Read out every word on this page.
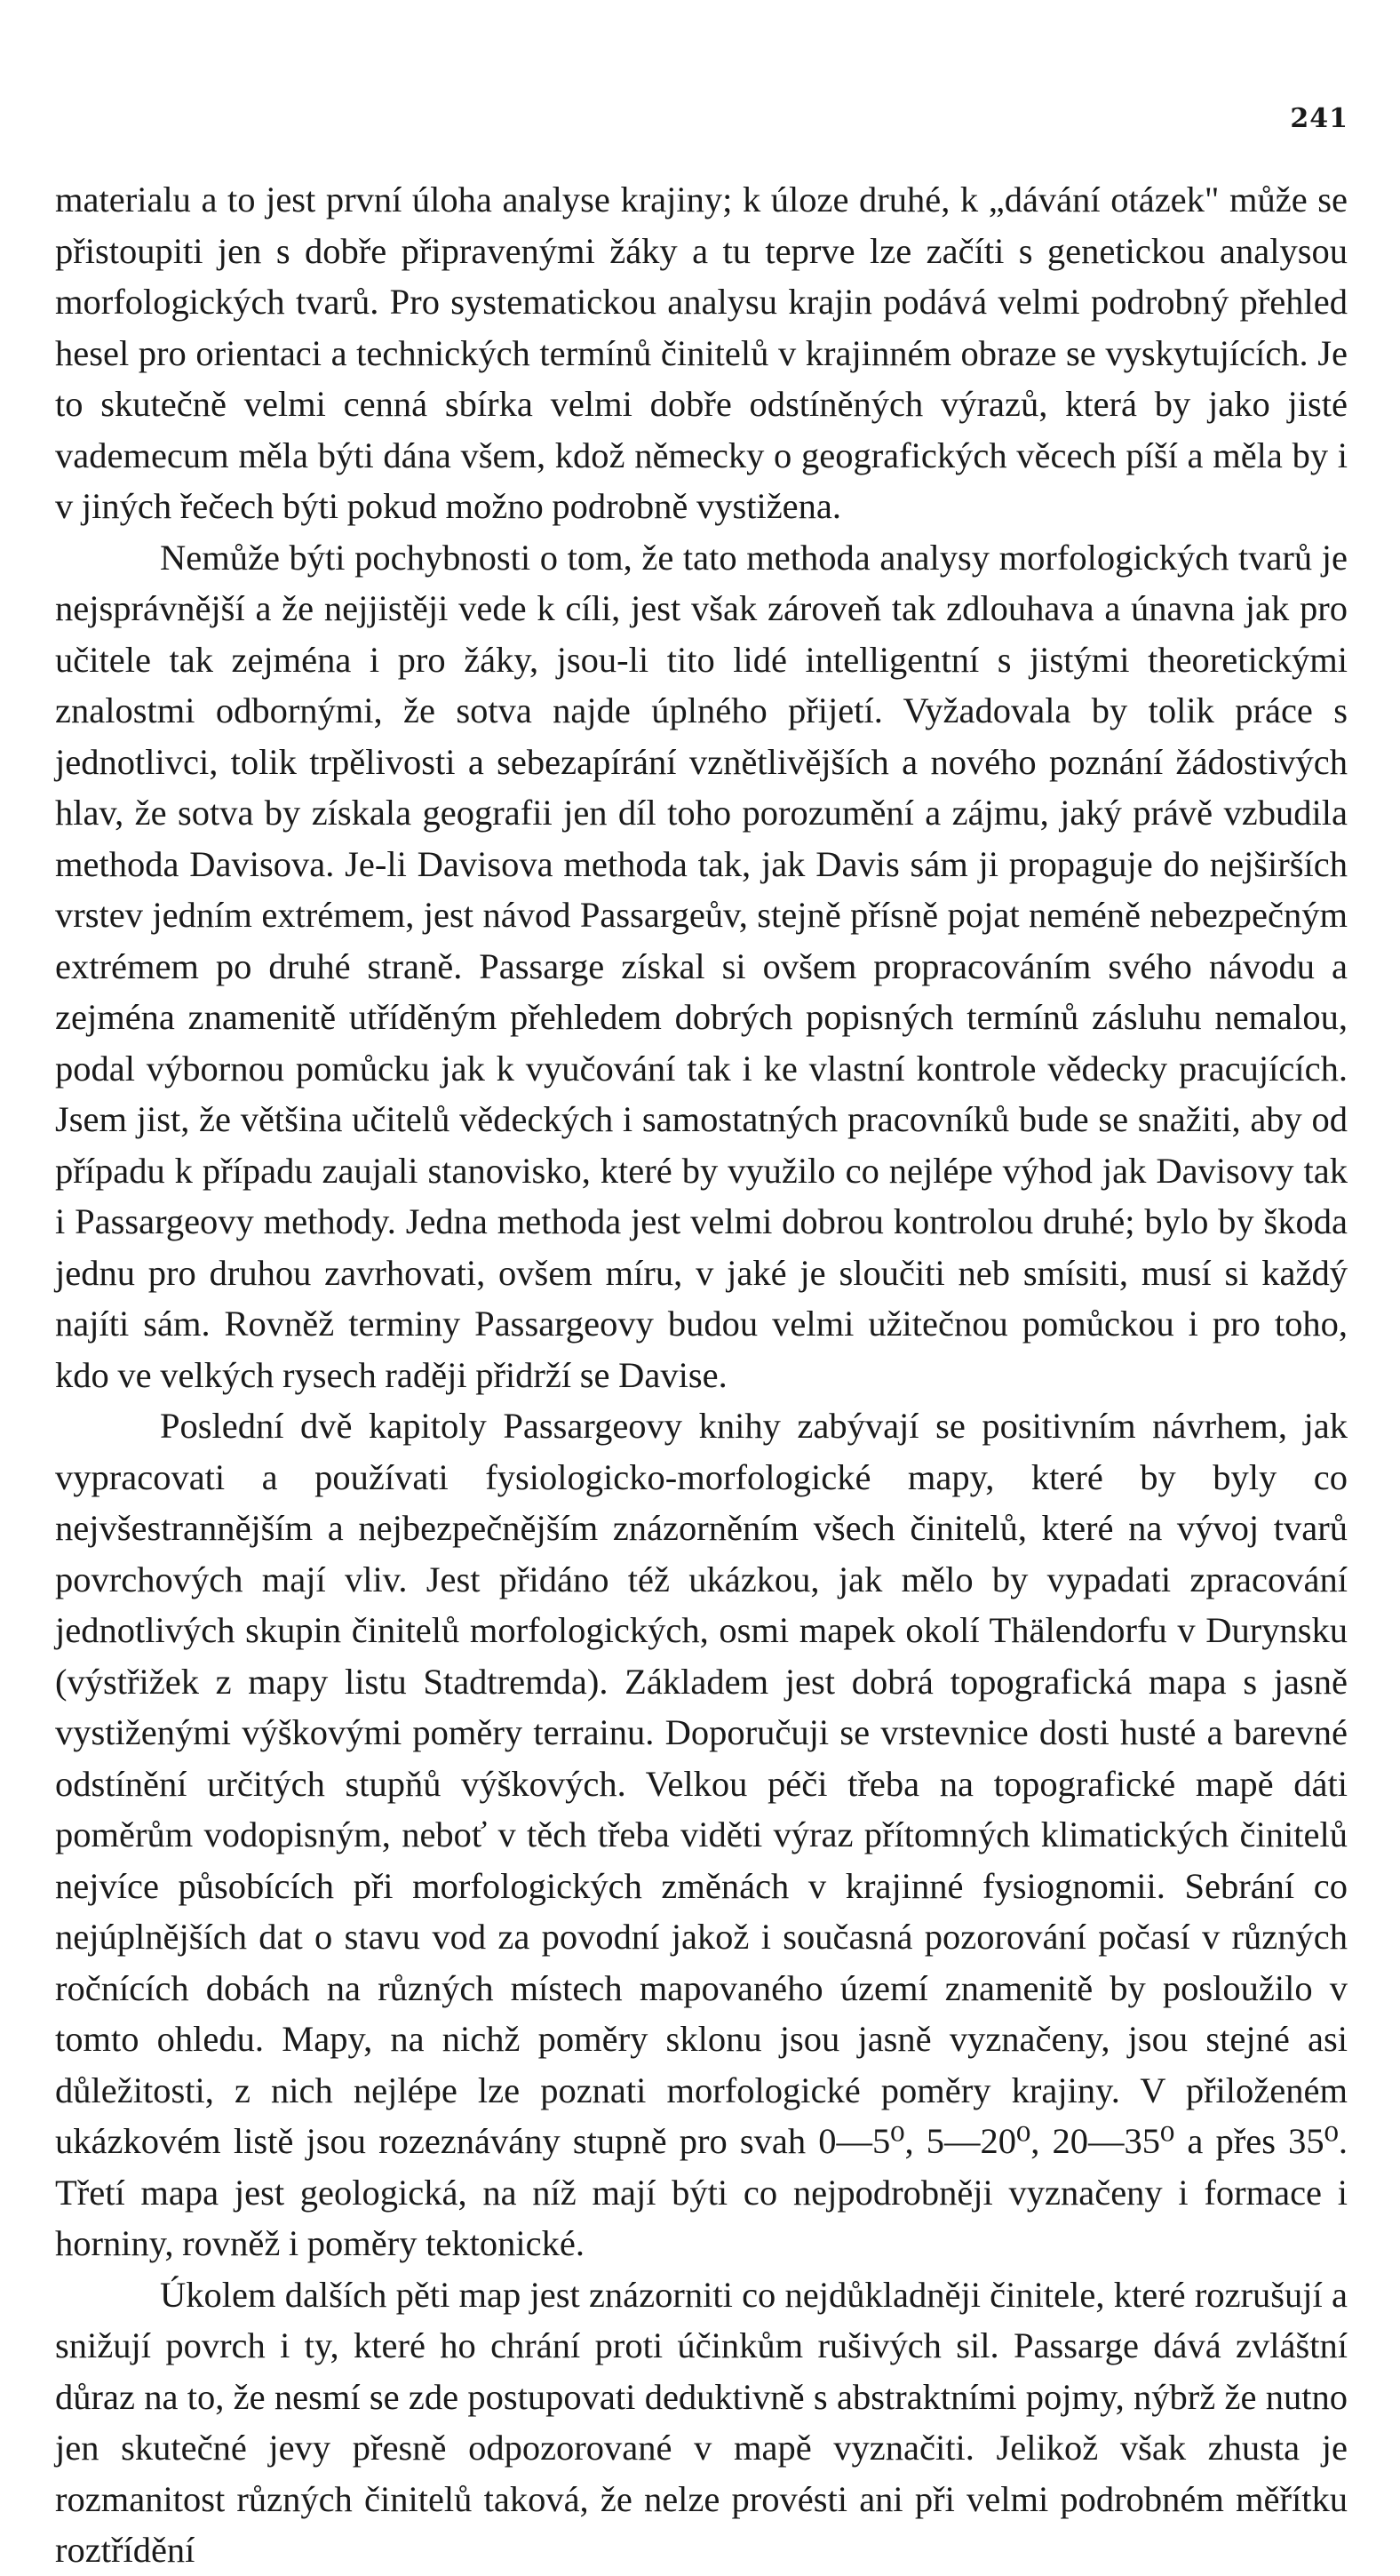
241

materialu a to jest první úloha analyse krajiny; k úloze druhé, k „dávání otázek" může se přistoupiti jen s dobře připravenými žáky a tu teprve lze začíti s genetickou analysou morfologických tvarů. Pro systematickou analysu krajin podává velmi podrobný přehled hesel pro orientaci a technických termínů činitelů v krajinném obraze se vyskytujících. Je to skutečně velmi cenná sbírka velmi dobře odstíněných výrazů, která by jako jisté vademecum měla býti dána všem, kdož německy o geografických věcech píší a měla by i v jiných řečech býti pokud možno podrobně vystižena.

Nemůže býti pochybnosti o tom, že tato methoda analysy morfologických tvarů je nejsprávnější a že nejjistěji vede k cíli, jest však zároveň tak zdlouhava a únavna jak pro učitele tak zejména i pro žáky, jsou-li tito lidé intelligentní s jistými theoretickými znalostmi odbornými, že sotva najde úplného přijetí. Vyžadovala by tolik práce s jednotlivci, tolik trpělivosti a sebezapírání vznětlivějších a nového poznání žádostivých hlav, že sotva by získala geografii jen díl toho porozumění a zájmu, jaký právě vzbudila methoda Davisova. Je-li Davisova methoda tak, jak Davis sám ji propaguje do nejširších vrstev jedním extrémem, jest návod Passargeův, stejně přísně pojat neméně nebezpečným extrémem po druhé straně. Passarge získal si ovšem propracováním svého návodu a zejména znamenitě utříděným přehledem dobrých popisných termínů zásluhu nemalou, podal výbornou pomůcku jak k vyučování tak i ke vlastní kontrole vědecky pracujících. Jsem jist, že většina učitelů vědeckých i samostatných pracovníků bude se snažiti, aby od případu k případu zaujali stanovisko, které by využilo co nejlépe výhod jak Davisovy tak i Passargeovy methody. Jedna methoda jest velmi dobrou kontrolou druhé; bylo by škoda jednu pro druhou zavrhovati, ovšem míru, v jaké je sloučiti neb smísiti, musí si každý najíti sám. Rovněž terminy Passargeovy budou velmi užitečnou pomůckou i pro toho, kdo ve velkých rysech raději přidrží se Davise.

Poslední dvě kapitoly Passargeovy knihy zabývají se positivním návrhem, jak vypracovati a používati fysiologicko-morfologické mapy, které by byly co nejvšestrannějším a nejbezpečnějším znázorněním všech činitelů, které na vývoj tvarů povrchových mají vliv. Jest přidáno též ukázkou, jak mělo by vypadati zpracování jednotlivých skupin činitelů morfologických, osmi mapek okolí Thälendorfu v Durynsku (výstřižek z mapy listu Stadtremda). Základem jest dobrá topografická mapa s jasně vystiženými výškovými poměry terrainu. Doporučuji se vrstevnice dosti husté a barevné odstínění určitých stupňů výškových. Velkou péči třeba na topografické mapě dáti poměrům vodopisným, neboť v těch třeba viděti výraz přítomných klimatických činitelů nejvíce působících při morfologických změnách v krajinné fysiognomii. Sebrání co nejúplnějších dat o stavu vod za povodní jakož i současná pozorování počasí v různých ročnících dobách na různých místech mapovaného území znamenitě by posloužilo v tomto ohledu. Mapy, na nichž poměry sklonu jsou jasně vyznačeny, jsou stejné asi důležitosti, z nich nejlépe lze poznati morfologické poměry krajiny. V přiloženém ukázkovém listě jsou rozeznávány stupně pro svah 0—5⁰, 5—20⁰, 20—35⁰ a přes 35⁰. Třetí mapa jest geologická, na níž mají býti co nejpodrobněji vyznačeny i formace i horniny, rovněž i poměry tektonické.

Úkolem dalších pěti map jest znázorniti co nejdůkladněji činitele, které rozrušují a snižují povrch i ty, které ho chrání proti účinkům rušivých sil. Passarge dává zvláštní důraz na to, že nesmí se zde postupovati deduktivně s abstraktními pojmy, nýbrž že nutno jen skutečné jevy přesně odpozorované v mapě vyznačiti. Jelikož však zhusta je rozmanitost různých činitelů taková, že nelze provésti ani při velmi podrobném měřítku roztřídění
